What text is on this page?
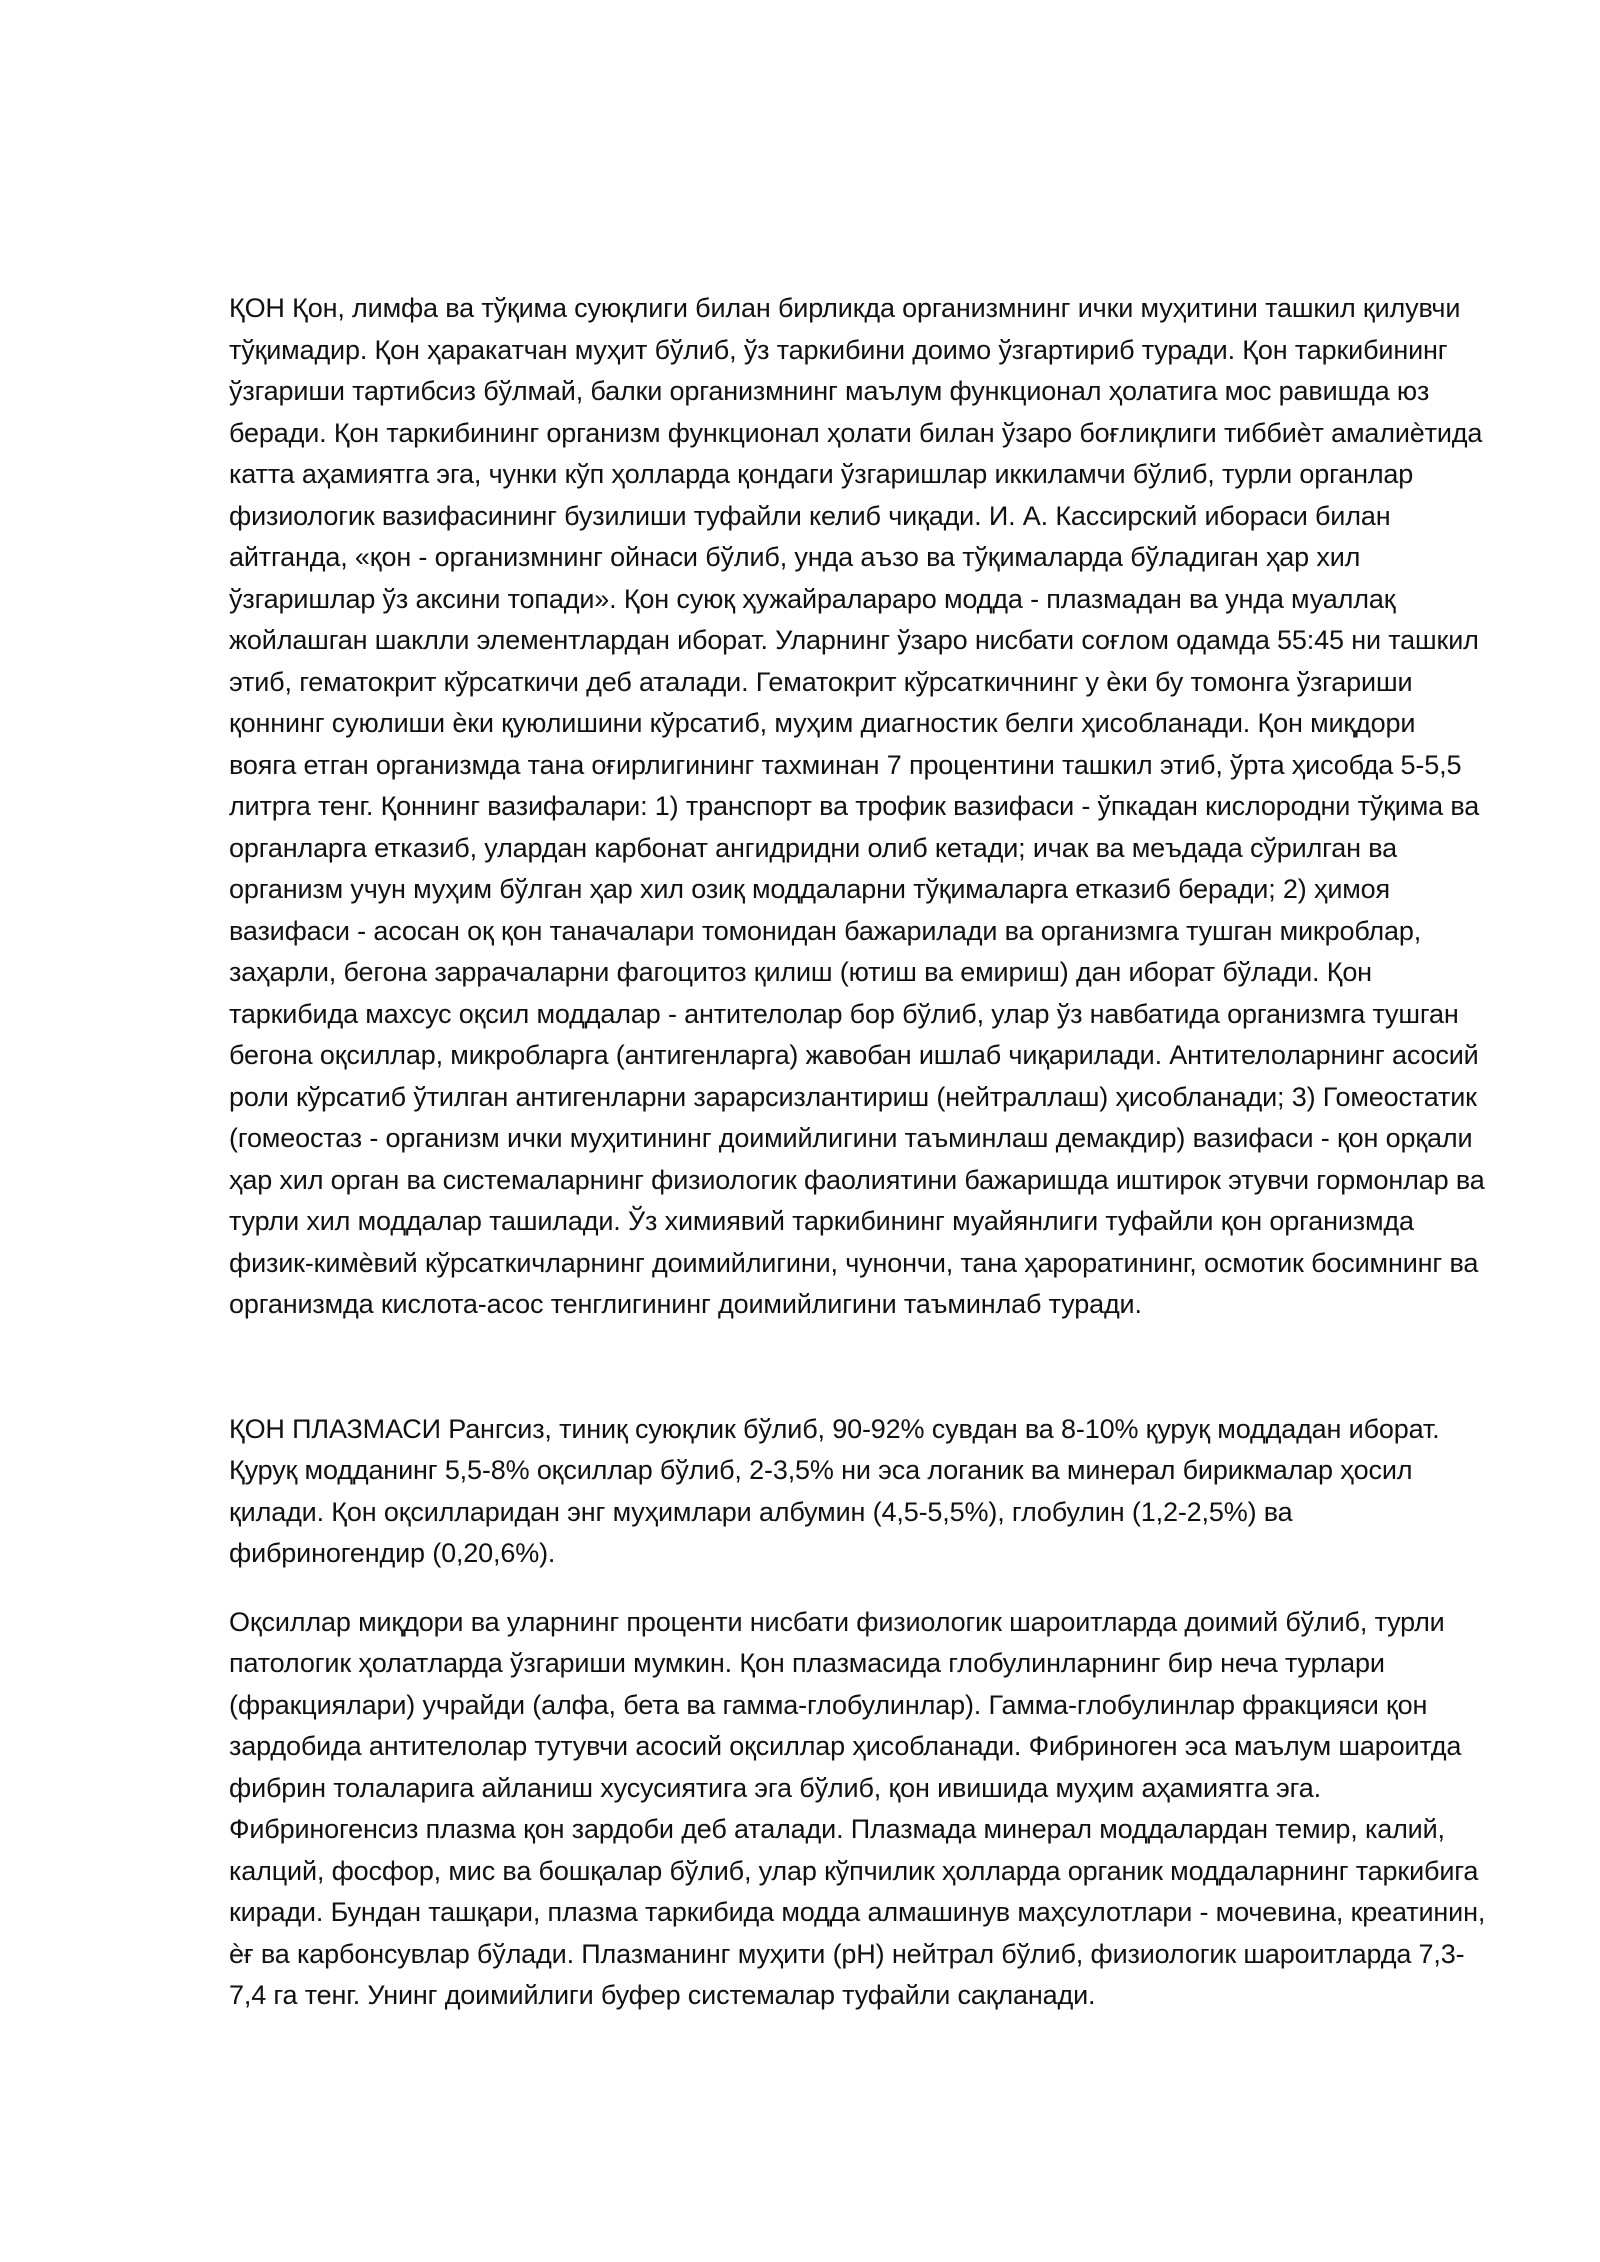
ҚОН Қон, лимфа ва тўқима суюқлиги билан бирликда организмнинг ички муҳитини ташкил қилувчи тўқимадир. Қон ҳаракатчан муҳит бўлиб, ўз таркибини доимо ўзгартириб туради. Қон таркибининг ўзгариши тартибсиз бўлмай, балки организмнинг маълум функционал ҳолатига мос равишда юз беради. Қон таркибининг организм функционал ҳолати билан ўзаро боғлиқлиги тиббиѐт амалиѐтида катта аҳамиятга эга, чунки кўп ҳолларда қондаги ўзгаришлар иккиламчи бўлиб, турли органлар физиологик вазифасининг бузилиши туфайли келиб чиқади. И. А. Кассирский ибораси билан айтганда, «қон - организмнинг ойнаси бўлиб, унда аъзо ва тўқималарда бўладиган ҳар хил ўзгаришлар ўз аксини топади». Қон суюқ ҳужайралараро модда - плазмадан ва унда муаллақ жойлашган шаклли элементлардан иборат. Уларнинг ўзаро нисбати соғлом одамда 55:45 ни ташкил этиб, гематокрит кўрсаткичи деб аталади. Гематокрит кўрсаткичнинг у ѐки бу томонга ўзгариши қоннинг суюлиши ѐки қуюлишини кўрсатиб, муҳим диагностик белги ҳисобланади. Қон миқдори вояга етган организмда тана оғирлигининг тахминан 7 процентини ташкил этиб, ўрта ҳисобда 5-5,5 литрга тенг. Қоннинг вазифалари: 1) транспорт ва трофик вазифаси - ўпкадан кислородни тўқима ва органларга етказиб, улардан карбонат ангидридни олиб кетади; ичак ва меъдада сўрилган ва организм учун муҳим бўлган ҳар хил озиқ моддаларни тўқималарга етказиб беради; 2) ҳимоя вазифаси - асосан оқ қон таначалари томонидан бажарилади ва организмга тушган микроблар, заҳарли, бегона заррачаларни фагоцитоз қилиш (ютиш ва емириш) дан иборат бўлади. Қон таркибида махсус оқсил моддалар - антителолар бор бўлиб, улар ўз навбатида организмга тушган бегона оқсиллар, микробларга (антигенларга) жавобан ишлаб чиқарилади. Антителоларнинг асосий роли кўрсатиб ўтилган антигенларни зарарсизлантириш (нейтраллаш) ҳисобланади; 3) Гомеостатик (гомеостаз - организм ички муҳитининг доимийлигини таъминлаш демакдир) вазифаси - қон орқали ҳар хил орган ва системаларнинг физиологик фаолиятини бажаришда иштирок этувчи гормонлар ва турли хил моддалар ташилади. Ўз химиявий таркибининг муайянлиги туфайли қон организмда физик-кимѐвий кўрсаткичларнинг доимийлигини, чунончи, тана ҳароратининг, осмотик босимнинг ва организмда кислота-асос тенглигининг доимийлигини таъминлаб туради.

ҚОН ПЛАЗМАСИ Рангсиз, тиниқ суюқлик бўлиб, 90-92% сувдан ва 8-10% қуруқ моддадан иборат. Қуруқ модданинг 5,5-8% оқсиллар бўлиб, 2-3,5% ни эса логаник ва минерал бирикмалар ҳосил қилади. Қон оқсилларидан энг муҳимлари албумин (4,5-5,5%), глобулин (1,2-2,5%) ва фибриногендир (0,20,6%).

Оқсиллар миқдори ва уларнинг проценти нисбати физиологик шароитларда доимий бўлиб, турли патологик ҳолатларда ўзгариши мумкин. Қон плазмасида глобулинларнинг бир неча турлари (фракциялари) учрайди (алфа, бета ва гамма-глобулинлар). Гамма-глобулинлар фракцияси қон зардобида антителолар тутувчи асосий оқсиллар ҳисобланади. Фибриноген эса маълум шароитда фибрин толаларига айланиш хусусиятига эга бўлиб, қон ивишида муҳим аҳамиятга эга. Фибриногенсиз плазма қон зардоби деб аталади. Плазмада минерал моддалардан темир, калий, калций, фосфор, мис ва бошқалар бўлиб, улар кўпчилик ҳолларда органик моддаларнинг таркибига киради. Бундан ташқари, плазма таркибида модда алмашинув маҳсулотлари - мочевина, креатинин, ѐғ ва карбонсувлар бўлади. Плазманинг муҳити (pH) нейтрал бўлиб, физиологик шароитларда 7,3-7,4 га тенг. Унинг доимийлиги буфер системалар туфайли сақланади.
